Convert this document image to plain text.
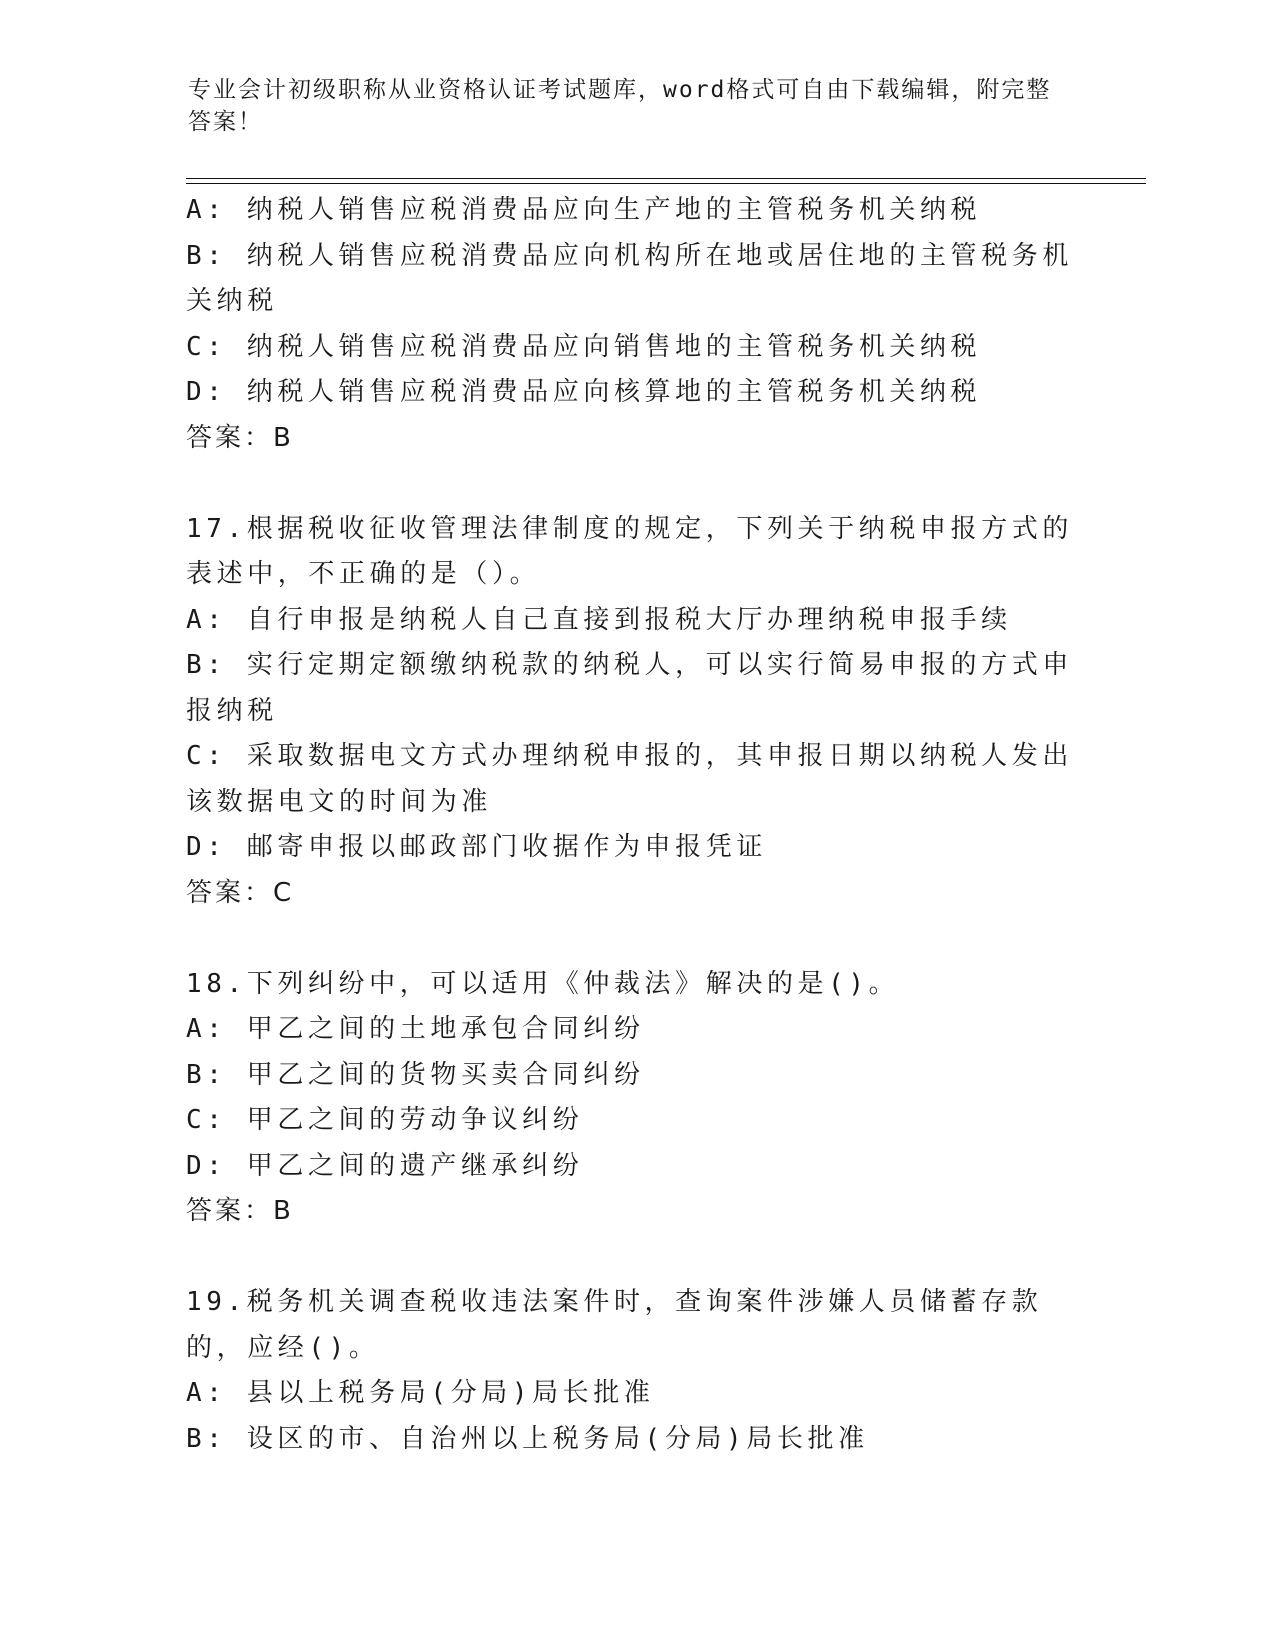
专业会计初级职称从业资格认证考试题库，word格式可自由下载编辑，附完整答案！
A: 纳税人销售应税消费品应向生产地的主管税务机关纳税
B: 纳税人销售应税消费品应向机构所在地或居住地的主管税务机关纳税
C: 纳税人销售应税消费品应向销售地的主管税务机关纳税
D: 纳税人销售应税消费品应向核算地的主管税务机关纳税
答案：B
17.根据税收征收管理法律制度的规定，下列关于纳税申报方式的表述中，不正确的是（）。
A: 自行申报是纳税人自己直接到报税大厅办理纳税申报手续
B: 实行定期定额缴纳税款的纳税人，可以实行简易申报的方式申报纳税
C: 采取数据电文方式办理纳税申报的，其申报日期以纳税人发出该数据电文的时间为准
D: 邮寄申报以邮政部门收据作为申报凭证
答案：C
18.下列纠纷中，可以适用《仲裁法》解决的是()。
A: 甲乙之间的土地承包合同纠纷
B: 甲乙之间的货物买卖合同纠纷
C: 甲乙之间的劳动争议纠纷
D: 甲乙之间的遗产继承纠纷
答案：B
19.税务机关调查税收违法案件时，查询案件涉嫌人员储蓄存款的，应经()。
A: 县以上税务局(分局)局长批准
B: 设区的市、自治州以上税务局(分局)局长批准
